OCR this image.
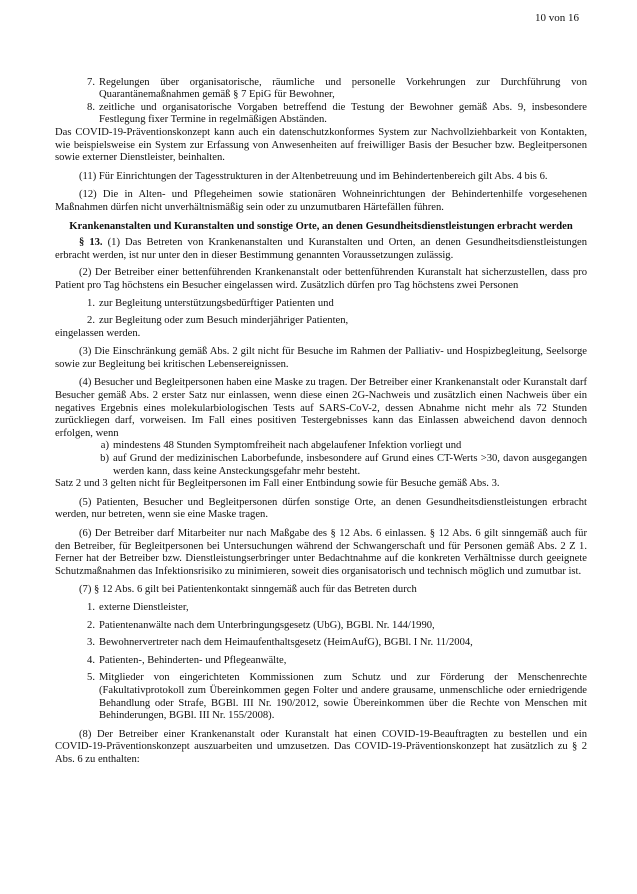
10 von 16
7. Regelungen über organisatorische, räumliche und personelle Vorkehrungen zur Durchführung von Quarantänemaßnahmen gemäß § 7 EpiG für Bewohner,
8. zeitliche und organisatorische Vorgaben betreffend die Testung der Bewohner gemäß Abs. 9, insbesondere Festlegung fixer Termine in regelmäßigen Abständen.

Das COVID-19-Präventionskonzept kann auch ein datenschutzkonformes System zur Nachvollziehbarkeit von Kontakten, wie beispielsweise ein System zur Erfassung von Anwesenheiten auf freiwilliger Basis der Besucher bzw. Begleitpersonen sowie externer Dienstleister, beinhalten.

(11) Für Einrichtungen der Tagesstrukturen in der Altenbetreuung und im Behindertenbereich gilt Abs. 4 bis 6.

(12) Die in Alten- und Pflegeheimen sowie stationären Wohneinrichtungen der Behindertenhilfe vorgesehenen Maßnahmen dürfen nicht unverhältnismäßig sein oder zu unzumutbaren Härtefällen führen.

Krankenanstalten und Kuranstalten und sonstige Orte, an denen Gesundheitsdienstleistungen erbracht werden

§ 13. (1) Das Betreten von Krankenanstalten und Kuranstalten und Orten, an denen Gesundheitsdienstleistungen erbracht werden, ist nur unter den in dieser Bestimmung genannten Voraussetzungen zulässig.

(2) Der Betreiber einer bettenführenden Krankenanstalt oder bettenführenden Kuranstalt hat sicherzustellen, dass pro Patient pro Tag höchstens ein Besucher eingelassen wird. Zusätzlich dürfen pro Tag höchstens zwei Personen

1. zur Begleitung unterstützungsbedürftiger Patienten und
2. zur Begleitung oder zum Besuch minderjähriger Patienten,

eingelassen werden.

(3) Die Einschränkung gemäß Abs. 2 gilt nicht für Besuche im Rahmen der Palliativ- und Hospizbegleitung, Seelsorge sowie zur Begleitung bei kritischen Lebensereignissen.

(4) Besucher und Begleitpersonen haben eine Maske zu tragen. Der Betreiber einer Krankenanstalt oder Kuranstalt darf Besucher gemäß Abs. 2 erster Satz nur einlassen, wenn diese einen 2G-Nachweis und zusätzlich einen Nachweis über ein negatives Ergebnis eines molekularbiologischen Tests auf SARS-CoV-2, dessen Abnahme nicht mehr als 72 Stunden zurückliegen darf, vorweisen. Im Fall eines positiven Testergebnisses kann das Einlassen abweichend davon dennoch erfolgen, wenn

a) mindestens 48 Stunden Symptomfreiheit nach abgelaufener Infektion vorliegt und
b) auf Grund der medizinischen Laborbefunde, insbesondere auf Grund eines CT-Werts >30, davon ausgegangen werden kann, dass keine Ansteckungsgefahr mehr besteht.

Satz 2 und 3 gelten nicht für Begleitpersonen im Fall einer Entbindung sowie für Besuche gemäß Abs. 3.

(5) Patienten, Besucher und Begleitpersonen dürfen sonstige Orte, an denen Gesundheitsdienstleistungen erbracht werden, nur betreten, wenn sie eine Maske tragen.

(6) Der Betreiber darf Mitarbeiter nur nach Maßgabe des § 12 Abs. 6 einlassen. § 12 Abs. 6 gilt sinngemäß auch für den Betreiber, für Begleitpersonen bei Untersuchungen während der Schwangerschaft und für Personen gemäß Abs. 2 Z 1. Ferner hat der Betreiber bzw. Dienstleistungserbringer unter Bedachtnahme auf die konkreten Verhältnisse durch geeignete Schutzmaßnahmen das Infektionsrisiko zu minimieren, soweit dies organisatorisch und technisch möglich und zumutbar ist.

(7) § 12 Abs. 6 gilt bei Patientenkontakt sinngemäß auch für das Betreten durch

1. externe Dienstleister,
2. Patientenanwälte nach dem Unterbringungsgesetz (UbG), BGBl. Nr. 144/1990,
3. Bewohnervertreter nach dem Heimaufenthaltsgesetz (HeimAufG), BGBl. I Nr. 11/2004,
4. Patienten-, Behinderten- und Pflegeanwälte,
5. Mitglieder von eingerichteten Kommissionen zum Schutz und zur Förderung der Menschenrechte (Fakultativprotokoll zum Übereinkommen gegen Folter und andere grausame, unmenschliche oder erniedrigende Behandlung oder Strafe, BGBl. III Nr. 190/2012, sowie Übereinkommen über die Rechte von Menschen mit Behinderungen, BGBl. III Nr. 155/2008).

(8) Der Betreiber einer Krankenanstalt oder Kuranstalt hat einen COVID-19-Beauftragten zu bestellen und ein COVID-19-Präventionskonzept auszuarbeiten und umzusetzen. Das COVID-19-Präventionskonzept hat zusätzlich zu § 2 Abs. 6 zu enthalten:
